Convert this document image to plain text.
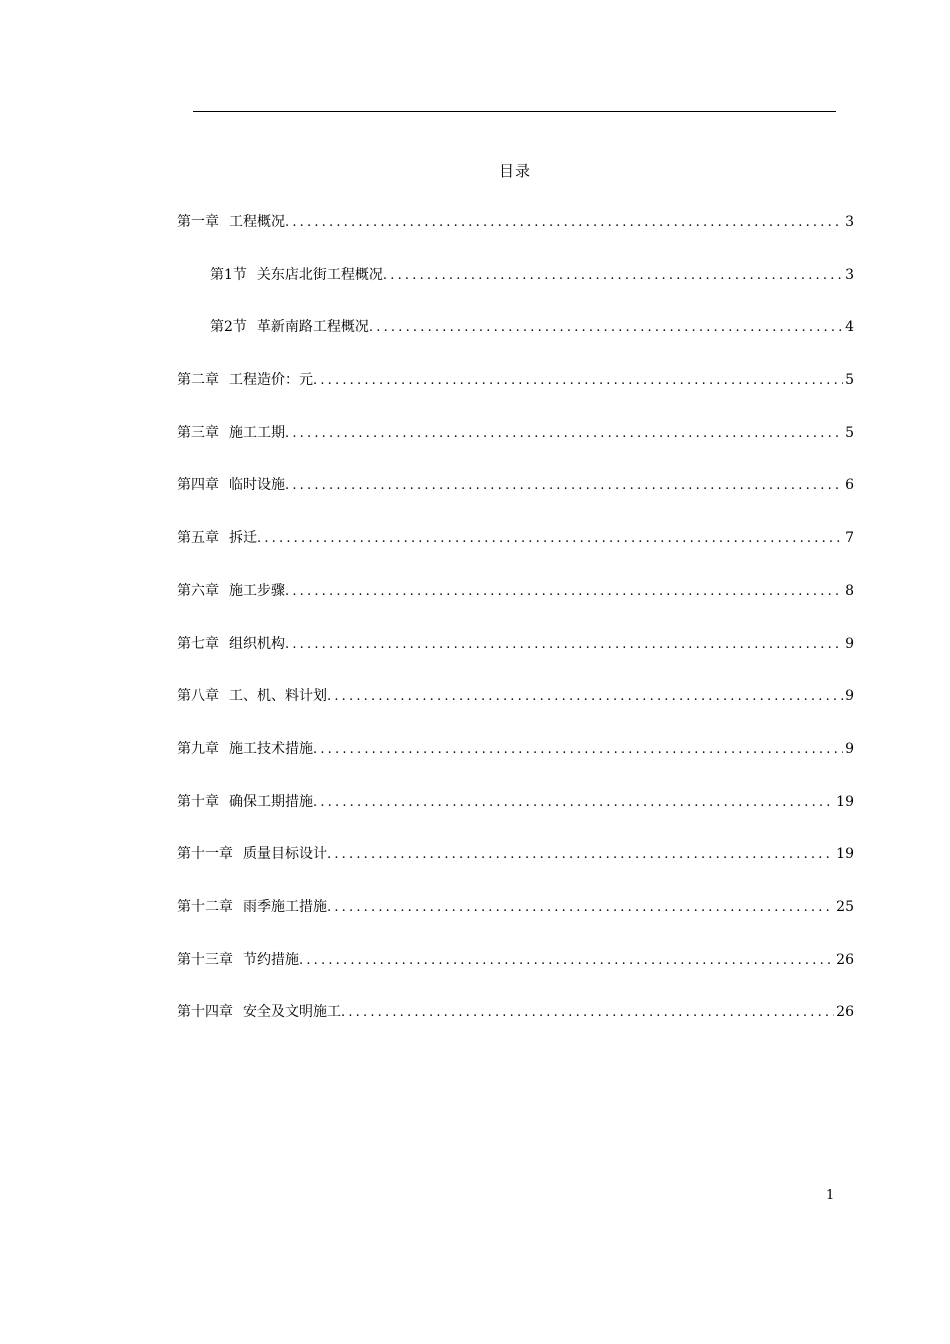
目录
第一章 工程概况 .....	3
第1节 关东店北街工程概况 .....	3
第2节 革新南路工程概况 .....	4
第二章 工程造价：元 .....	5
第三章 施工工期 .....	5
第四章 临时设施 .....	6
第五章 拆迁 .....	7
第六章 施工步骤 .....	8
第七章 组织机构 .....	9
第八章 工、机、料计划 .....	9
第九章 施工技术措施 .....	9
第十章 确保工期措施 .....	19
第十一章 质量目标设计 .....	19
第十二章 雨季施工措施 .....	25
第十三章 节约措施 .....	26
第十四章 安全及文明施工 .....	26
1
